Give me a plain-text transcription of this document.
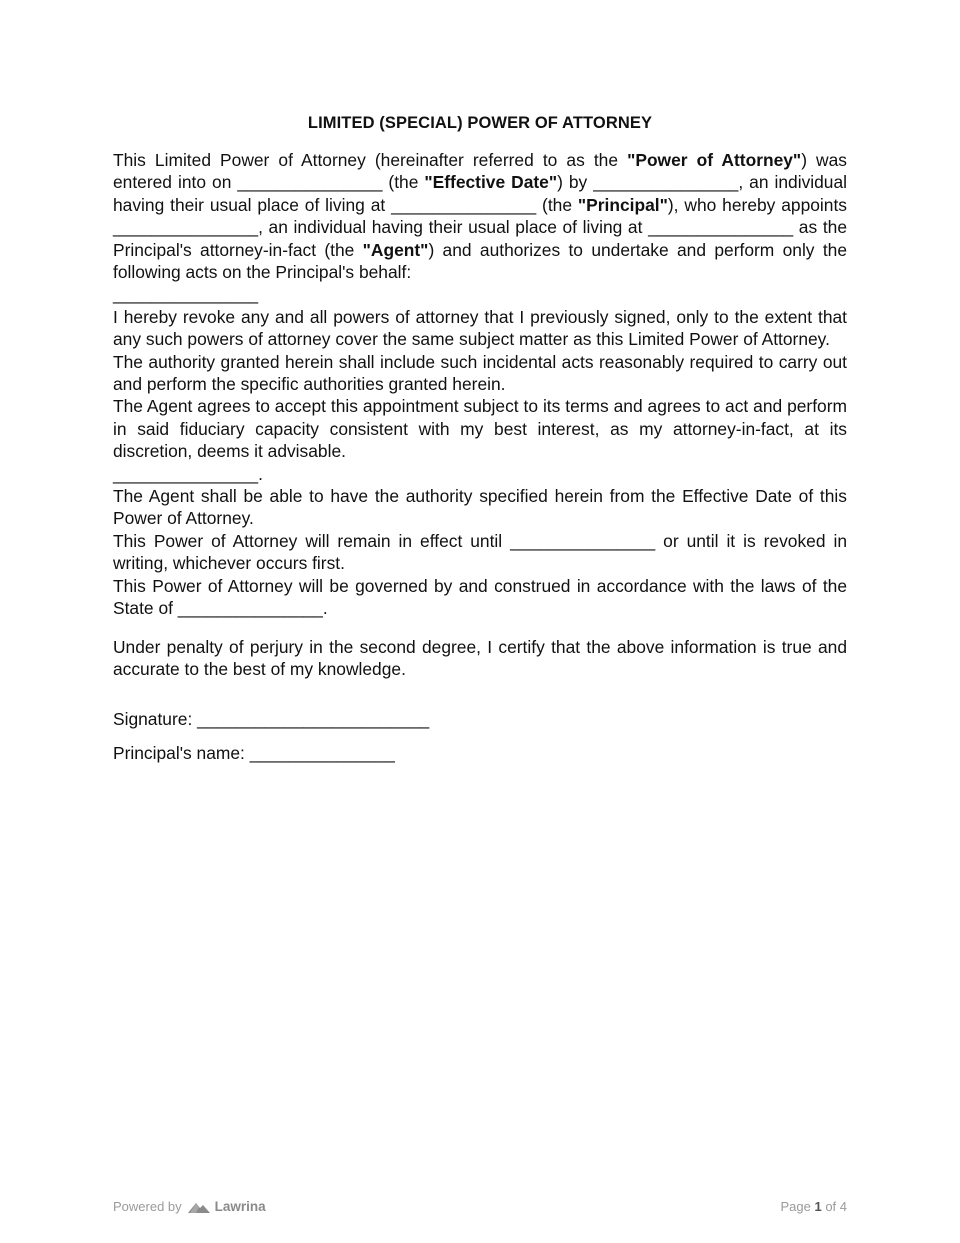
LIMITED (SPECIAL) POWER OF ATTORNEY

This Limited Power of Attorney (hereinafter referred to as the "Power of Attorney") was entered into on _______________ (the "Effective Date") by _______________, an individual having their usual place of living at _______________ (the "Principal"), who hereby appoints _______________, an individual having their usual place of living at _______________ as the Principal's attorney-in-fact (the "Agent") and authorizes to undertake and perform only the following acts on the Principal's behalf:

_______________

I hereby revoke any and all powers of attorney that I previously signed, only to the extent that any such powers of attorney cover the same subject matter as this Limited Power of Attorney.

The authority granted herein shall include such incidental acts reasonably required to carry out and perform the specific authorities granted herein.

The Agent agrees to accept this appointment subject to its terms and agrees to act and perform in said fiduciary capacity consistent with my best interest, as my attorney-in-fact, at its discretion, deems it advisable.

_______________.

The Agent shall be able to have the authority specified herein from the Effective Date of this Power of Attorney.

This Power of Attorney will remain in effect until _______________ or until it is revoked in writing, whichever occurs first.

This Power of Attorney will be governed by and construed in accordance with the laws of the State of _______________.

Under penalty of perjury in the second degree, I certify that the above information is true and accurate to the best of my knowledge.

Signature: ________________________

Principal's name: _______________

Powered by Lawrina	Page 1 of 4
